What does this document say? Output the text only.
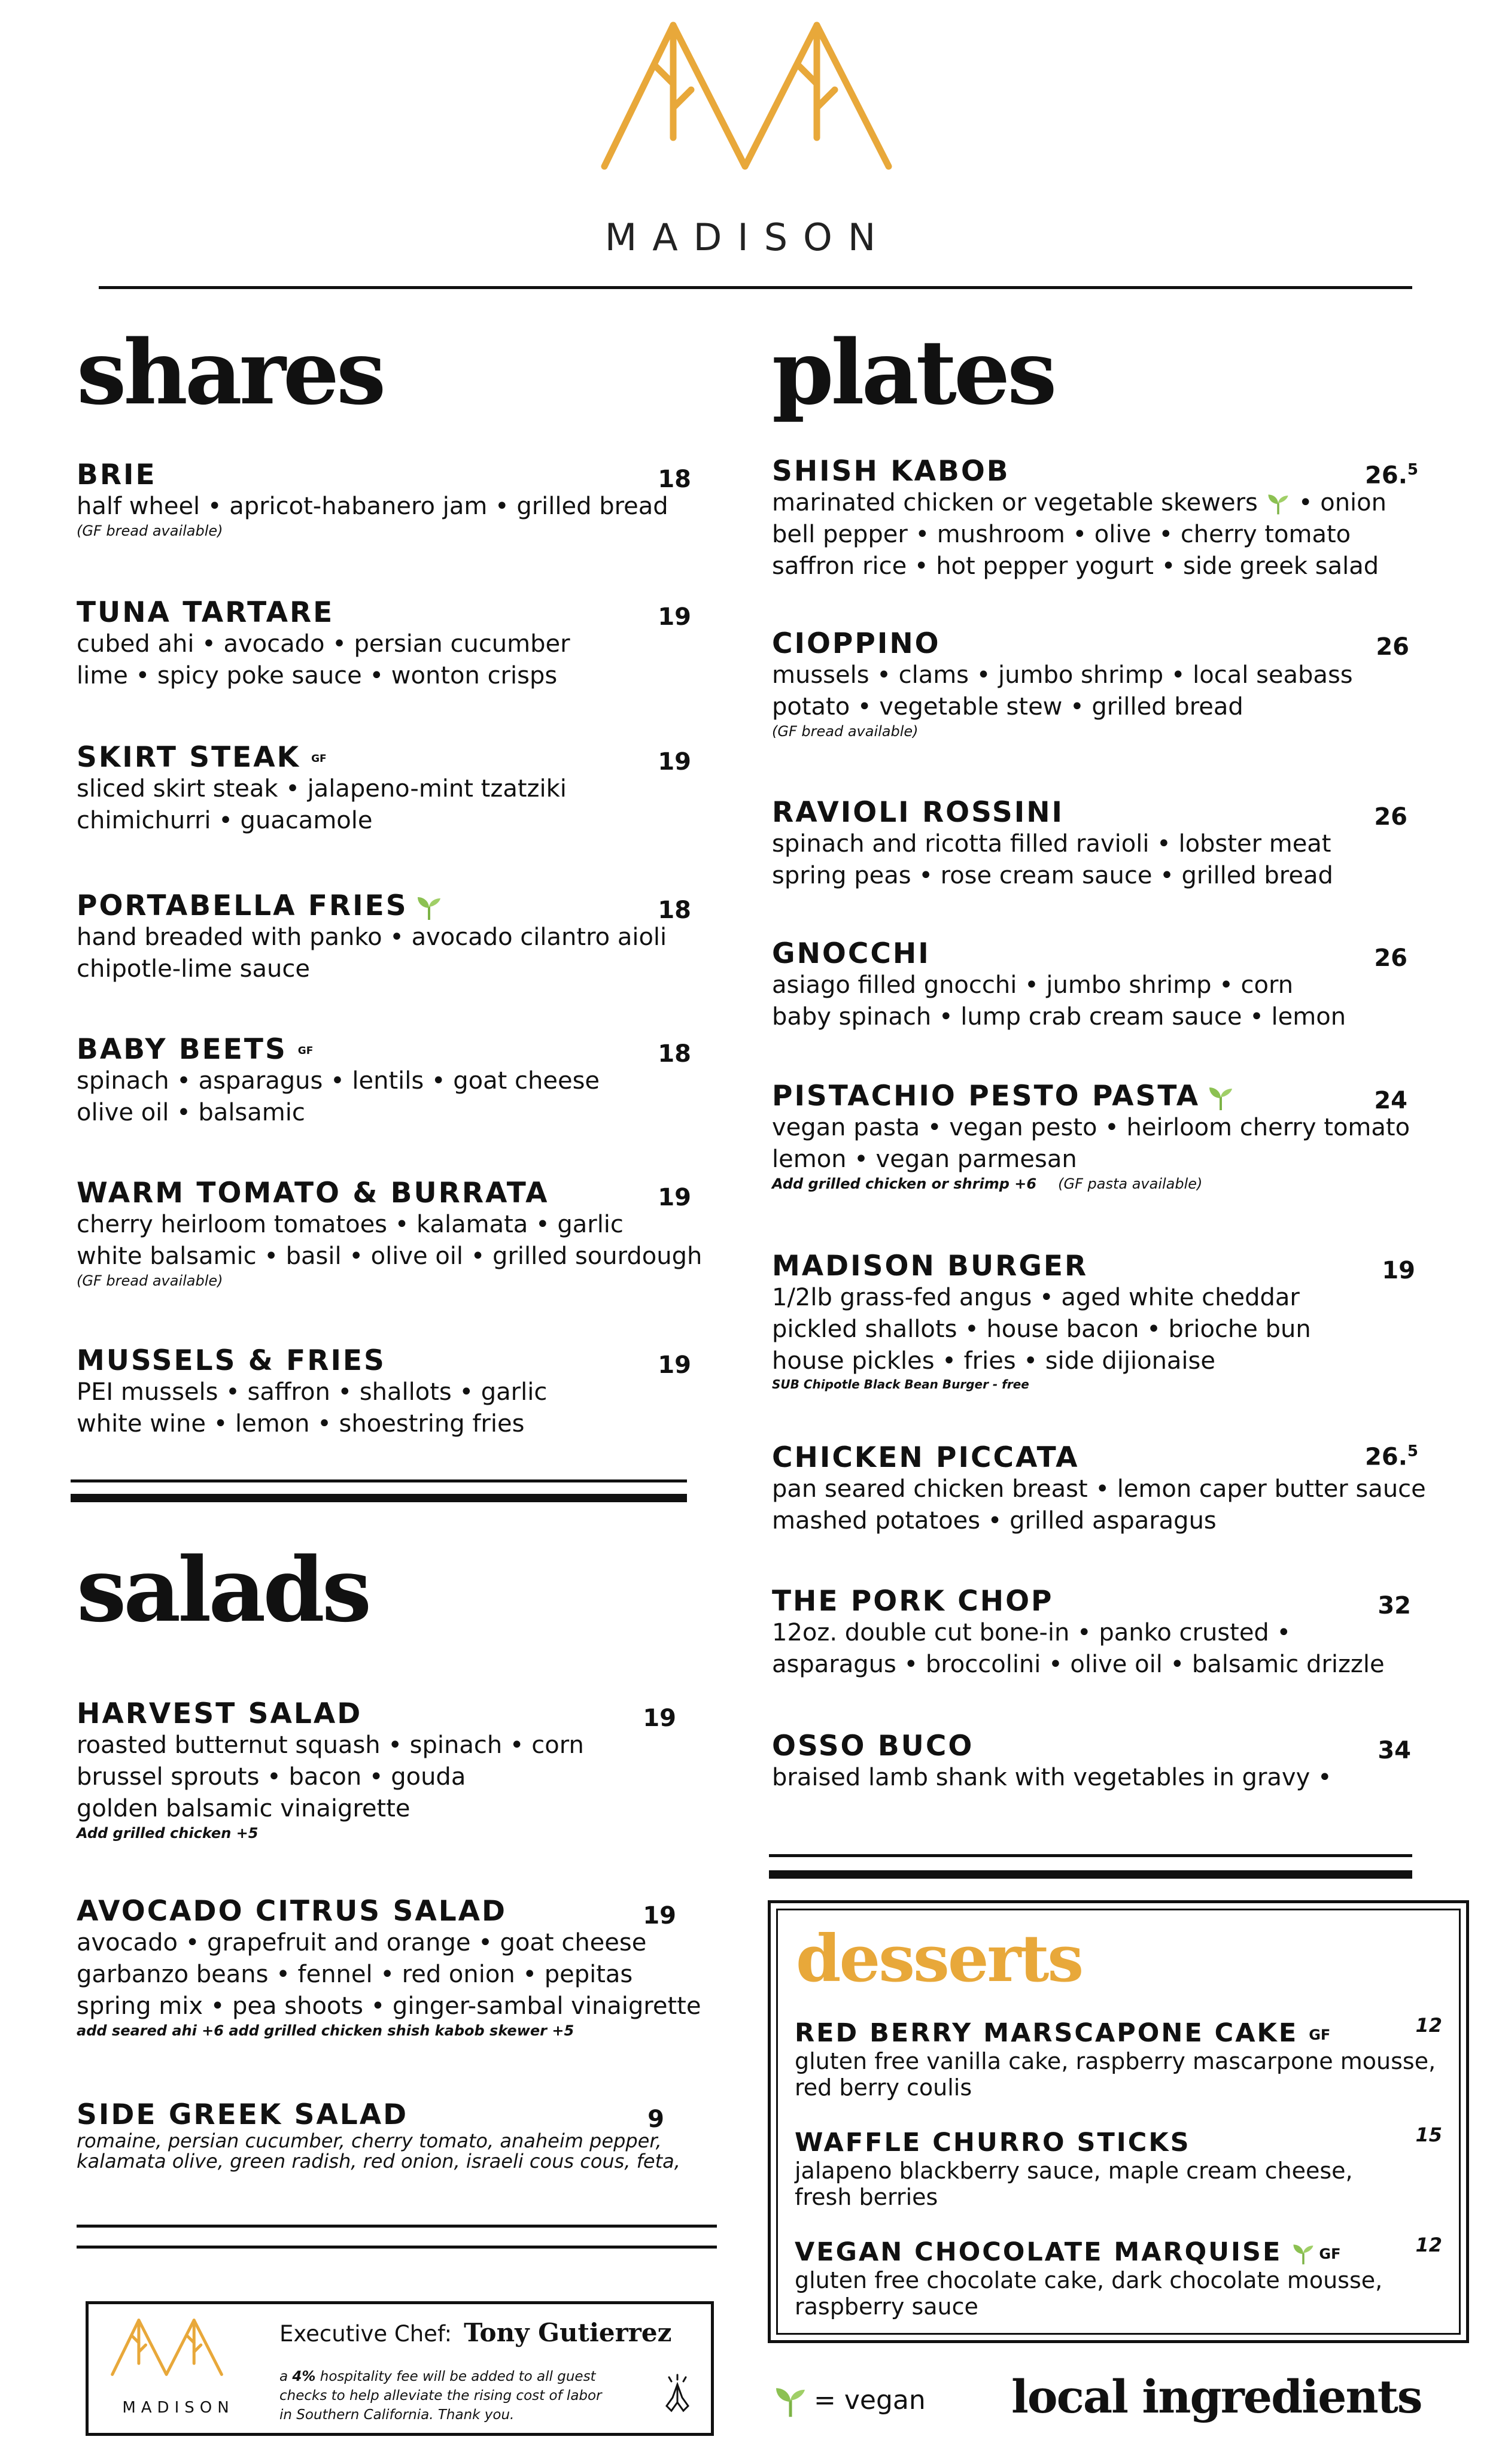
MADISON
shares
BRIE
half wheel • apricot-habanero jam • grilled bread
(GF bread available)
18
TUNA TARTARE
cubed ahi • avocado • persian cucumber
lime • spicy poke sauce • wonton crisps
19
SKIRT STEAK GF
sliced skirt steak • jalapeno-mint tzatziki
chimichurri • guacamole
19
PORTABELLA FRIES
hand breaded with panko • avocado cilantro aioli
chipotle-lime sauce
18
BABY BEETS GF
spinach • asparagus • lentils • goat cheese
olive oil • balsamic
18
WARM TOMATO & BURRATA
cherry heirloom tomatoes • kalamata • garlic
white balsamic • basil • olive oil • grilled sourdough
(GF bread available)
19
MUSSELS & FRIES
PEI mussels • saffron • shallots • garlic
white wine • lemon • shoestring fries
19
salads
HARVEST SALAD
roasted butternut squash • spinach • corn
brussel sprouts • bacon • gouda
golden balsamic vinaigrette
Add grilled chicken +5
19
AVOCADO CITRUS SALAD
avocado • grapefruit and orange • goat cheese
garbanzo beans • fennel • red onion • pepitas
spring mix • pea shoots • ginger-sambal vinaigrette
add seared ahi +6 add grilled chicken shish kabob skewer +5
19
SIDE GREEK SALAD
romaine, persian cucumber, cherry tomato, anaheim pepper,
kalamata olive, green radish, red onion, israeli cous cous, feta,
9
MADISON
Executive Chef: Tony Gutierrez
a 4% hospitality fee will be added to all guest
checks to help alleviate the rising cost of labor
in Southern California. Thank you.
plates
SHISH KABOB
marinated chicken or vegetable skewers • onion
bell pepper • mushroom • olive • cherry tomato
saffron rice • hot pepper yogurt • side greek salad
26.$^5$
CIOPPINO
mussels • clams • jumbo shrimp • local seabass
potato • vegetable stew • grilled bread
(GF bread available)
26
RAVIOLI ROSSINI
spinach and ricotta filled ravioli • lobster meat
spring peas • rose cream sauce • grilled bread
26
GNOCCHI
asiago filled gnocchi • jumbo shrimp • corn
baby spinach • lump crab cream sauce • lemon
26
PISTACHIO PESTO PASTA
vegan pasta • vegan pesto • heirloom cherry tomato
lemon • vegan parmesan
Add grilled chicken or shrimp +6 (GF pasta available)
24
MADISON BURGER
1/2lb grass-fed angus • aged white cheddar
pickled shallots • house bacon • brioche bun
house pickles • fries • side dijionaise
SUB Chipotle Black Bean Burger - free
19
CHICKEN PICCATA
pan seared chicken breast • lemon caper butter sauce
mashed potatoes • grilled asparagus
26.$^5$
THE PORK CHOP
12oz. double cut bone-in • panko crusted •
asparagus • broccolini • olive oil • balsamic drizzle
32
OSSO BUCO
braised lamb shank with vegetables in gravy •
34
desserts
RED BERRY MARSCAPONE CAKE GF
gluten free vanilla cake, raspberry mascarpone mousse,
red berry coulis
12
WAFFLE CHURRO STICKS
jalapeno blackberry sauce, maple cream cheese,
fresh berries
15
VEGAN CHOCOLATE MARQUISE	GF
gluten free chocolate cake, dark chocolate mousse,
raspberry sauce
12
= vegan local ingredients
